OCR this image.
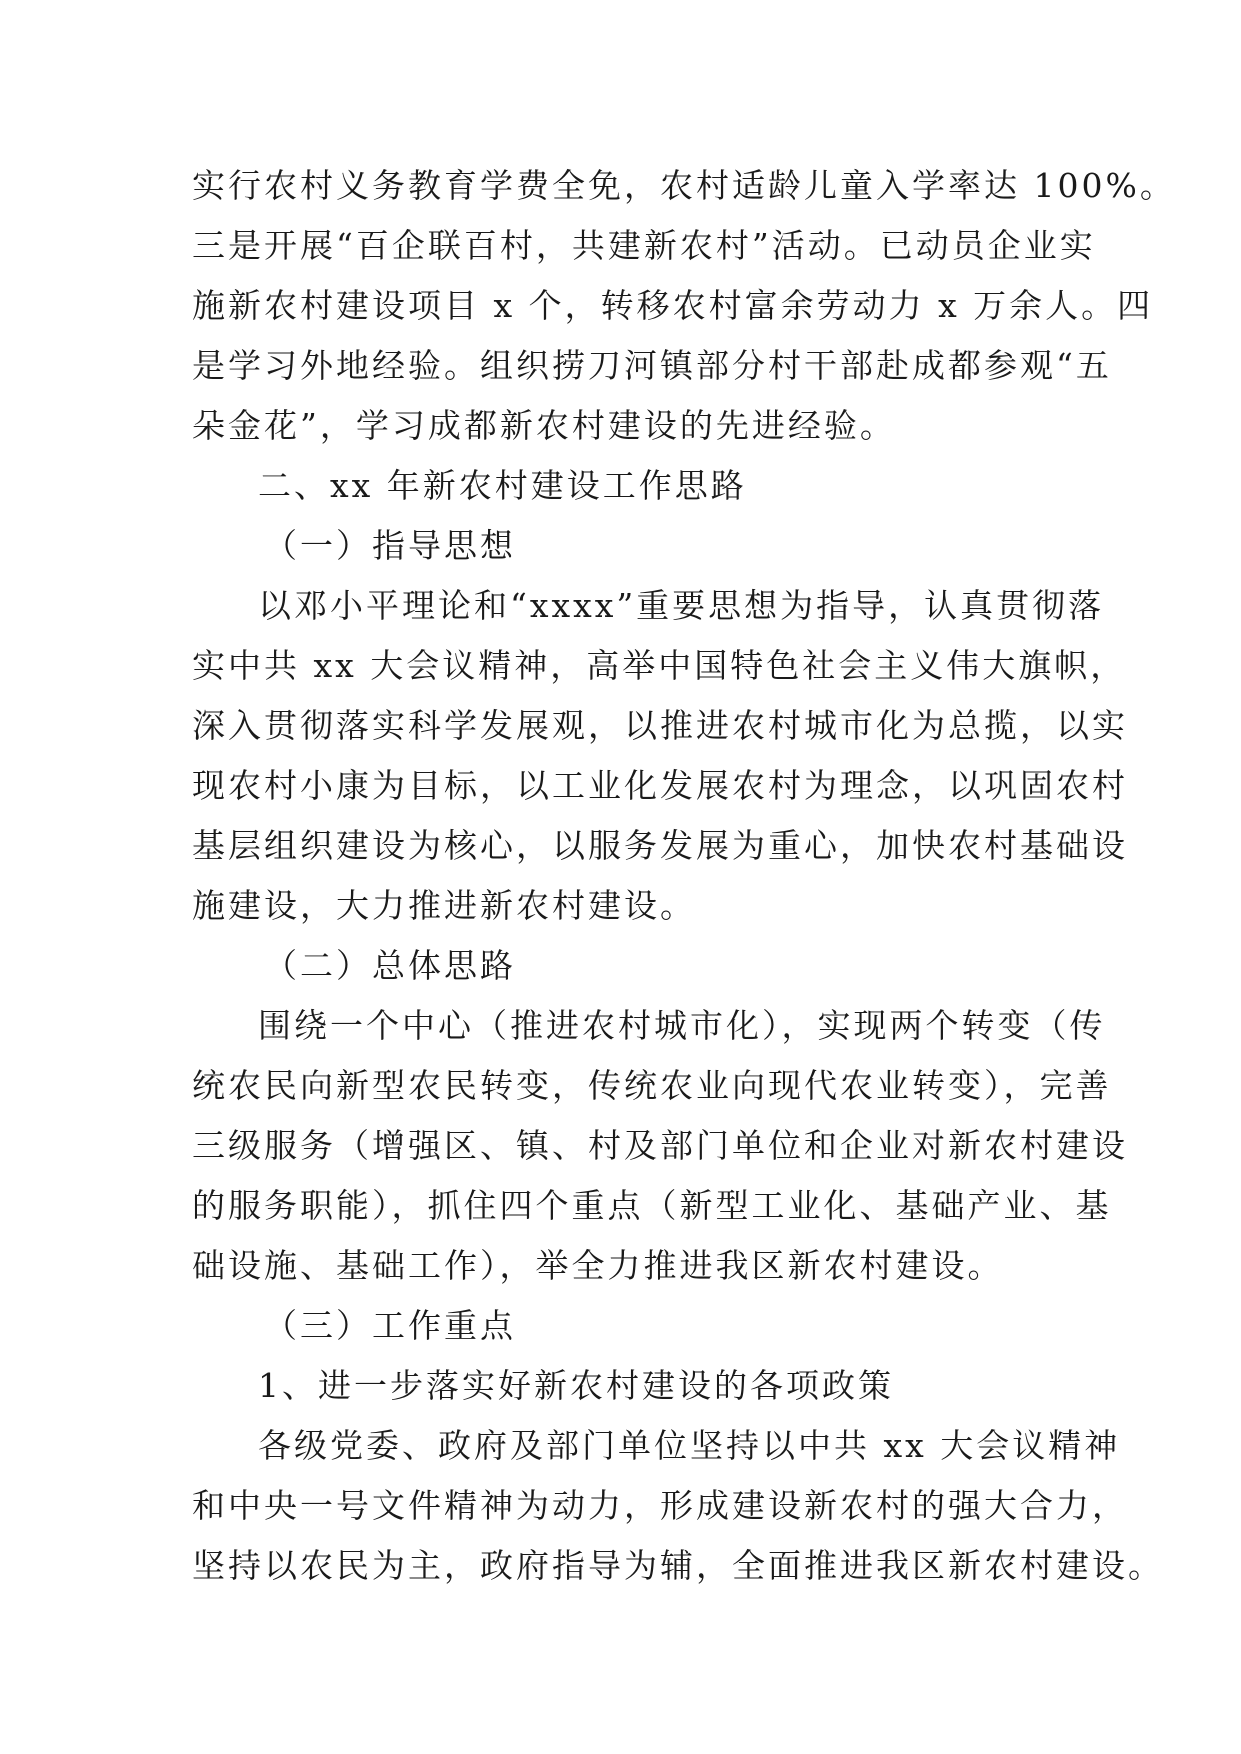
实行农村义务教育学费全免，农村适龄儿童入学率达 100%。
三是开展“百企联百村，共建新农村”活动。已动员企业实
施新农村建设项目 x 个，转移农村富余劳动力 x 万余人。四
是学习外地经验。组织捞刀河镇部分村干部赴成都参观“五
朵金花”，学习成都新农村建设的先进经验。
二、xx 年新农村建设工作思路
（一）指导思想
以邓小平理论和“xxxx”重要思想为指导，认真贯彻落
实中共 xx 大会议精神，高举中国特色社会主义伟大旗帜，
深入贯彻落实科学发展观，以推进农村城市化为总揽，以实
现农村小康为目标，以工业化发展农村为理念，以巩固农村
基层组织建设为核心，以服务发展为重心，加快农村基础设
施建设，大力推进新农村建设。
（二）总体思路
围绕一个中心（推进农村城市化），实现两个转变（传
统农民向新型农民转变，传统农业向现代农业转变），完善
三级服务（增强区、镇、村及部门单位和企业对新农村建设
的服务职能），抓住四个重点（新型工业化、基础产业、基
础设施、基础工作），举全力推进我区新农村建设。
（三）工作重点
1、进一步落实好新农村建设的各项政策
各级党委、政府及部门单位坚持以中共 xx 大会议精神
和中央一号文件精神为动力，形成建设新农村的强大合力，
坚持以农民为主，政府指导为辅，全面推进我区新农村建设。
